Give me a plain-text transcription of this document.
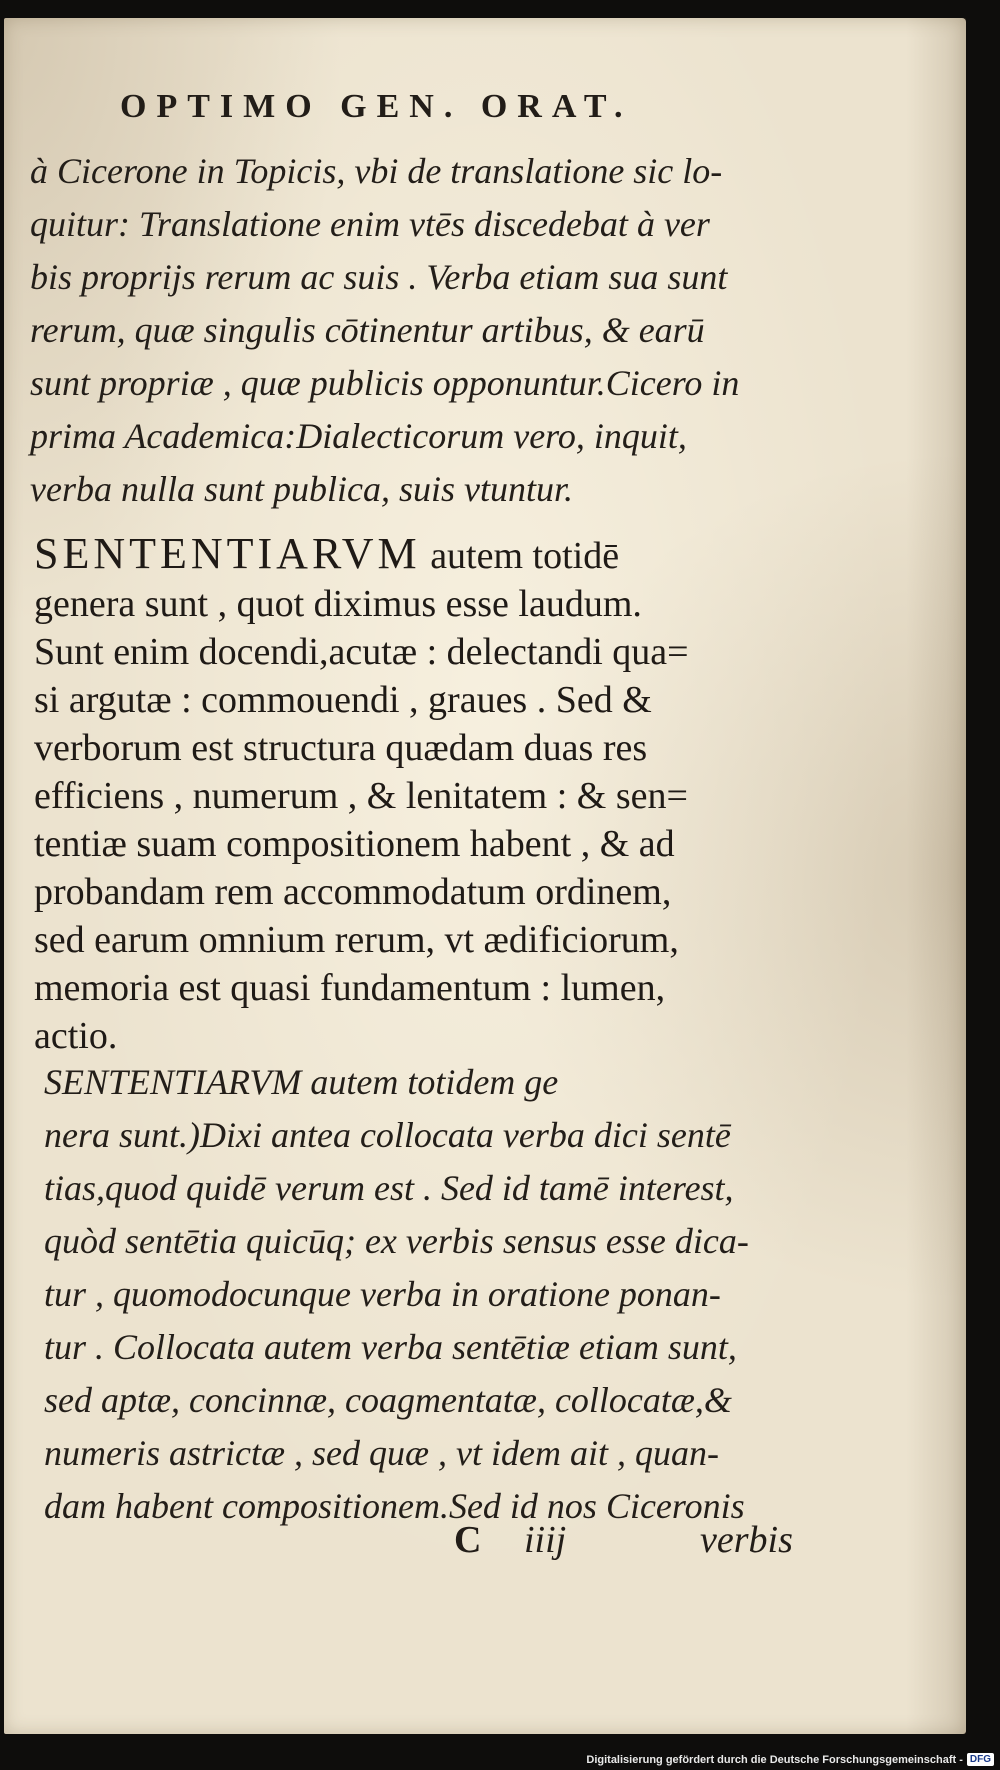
OPTIMO GEN. ORAT.
à Cicerone in Topicis, vbi de translatione sic lo-
quitur: Translatione enim vtēs discedebat à ver
bis proprijs rerum ac suis . Verba etiam sua sunt
rerum, quæ singulis cōtinentur artibus, & earū
sunt propriæ , quæ publicis opponuntur.Cicero in
prima Academica:Dialecticorum vero, inquit,
verba nulla sunt publica, suis vtuntur.
SENTENTIARVM autem totidē
genera sunt , quot diximus esse laudum.
Sunt enim docendi,acutæ : delectandi qua=
si argutæ : commouendi , graues . Sed &
verborum est structura quædam duas res
efficiens , numerum , & lenitatem : & sen=
tentiæ suam compositionem habent , & ad
probandam rem accommodatum ordinem,
sed earum omnium rerum, vt ædificiorum,
memoria est quasi fundamentum : lumen,
actio.
SENTENTIARVM autem totidem ge
nera sunt.)Dixi antea collocata verba dici sentē
tias,quod quidē verum est . Sed id tamē interest,
quòd sentētia quicūq; ex verbis sensus esse dica-
tur , quomodocunque verba in oratione ponan-
tur . Collocata autem verba sentētiæ etiam sunt,
sed aptæ, concinnæ, coagmentatæ, collocatæ,&
numeris astrictæ , sed quæ , vt idem ait , quan-
dam habent compositionem.Sed id nos Ciceronis
C iiij	verbis
Digitalisierung gefördert durch die Deutsche Forschungsgemeinschaft - DFG
